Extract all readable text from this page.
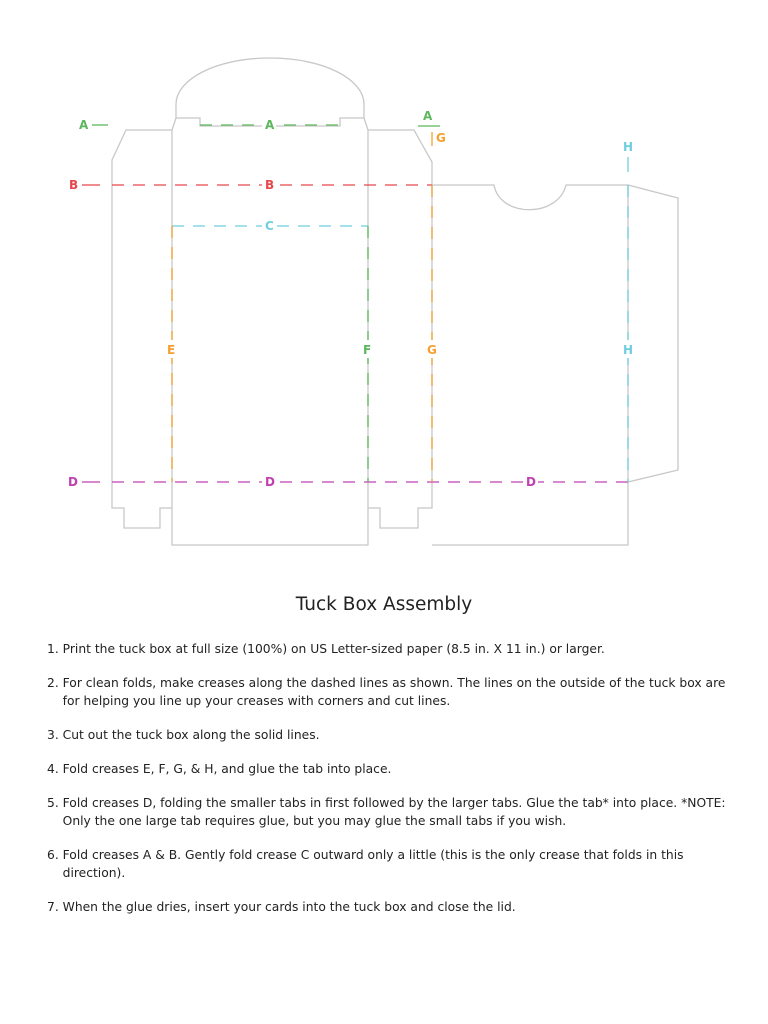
A	A
A
B	B
C
D	D	D
E	F
G
G
H
H
Tuck Box Assembly
1. Print the tuck box at full size (100%) on US Letter-sized paper (8.5 in. X 11 in.) or larger.
2. For clean folds, make creases along the dashed lines as shown. The lines on the outside of the tuck box are for helping you line up your creases with corners and cut lines.
3. Cut out the tuck box along the solid lines.
4. Fold creases E, F, G, & H, and glue the tab into place.
5. Fold creases D, folding the smaller tabs in first followed by the larger tabs. Glue the tab* into place. *NOTE: Only the one large tab requires glue, but you may glue the small tabs if you wish.
6. Fold creases A & B. Gently fold crease C outward only a little (this is the only crease that folds in this direction).
7. When the glue dries, insert your cards into the tuck box and close the lid.
